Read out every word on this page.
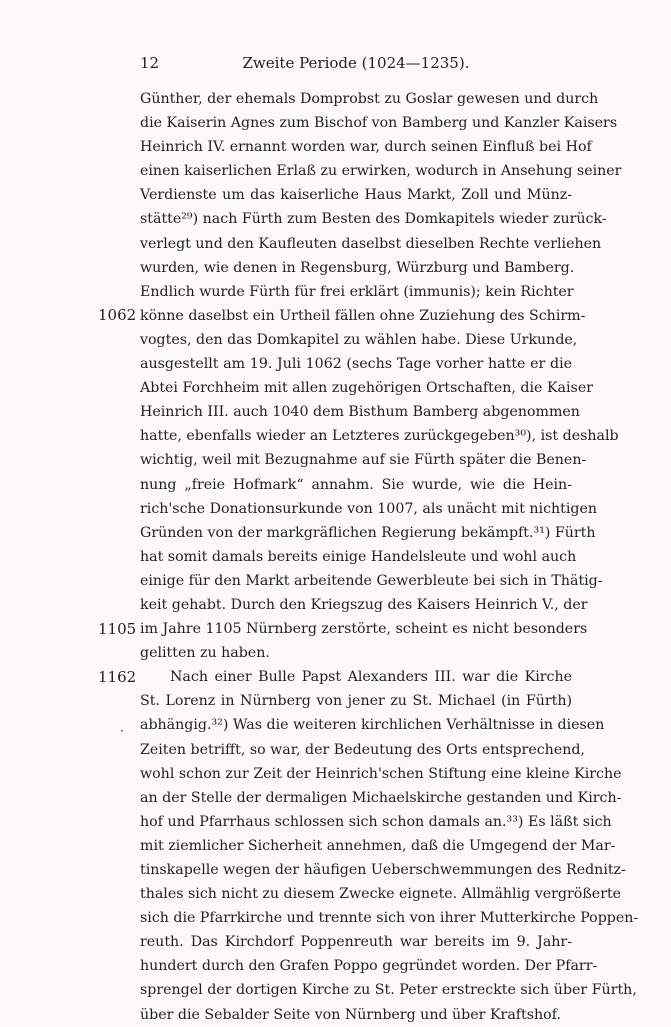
12	Zweite Periode (1024—1235).
1062
1105
1162
·
Günther, der ehemals Domprobst zu Goslar gewesen und durch
die Kaiserin Agnes zum Bischof von Bamberg und Kanzler Kaisers
Heinrich IV. ernannt worden war, durch seinen Einfluß bei Hof
einen kaiserlichen Erlaß zu erwirken, wodurch in Ansehung seiner
Verdienste um das kaiserliche Haus Markt, Zoll und Münz-
stätte²⁹) nach Fürth zum Besten des Domkapitels wieder zurück-
verlegt und den Kaufleuten daselbst dieselben Rechte verliehen
wurden, wie denen in Regensburg, Würzburg und Bamberg.
Endlich wurde Fürth für frei erklärt (immunis); kein Richter
könne daselbst ein Urtheil fällen ohne Zuziehung des Schirm-
vogtes, den das Domkapitel zu wählen habe. Diese Urkunde,
ausgestellt am 19. Juli 1062 (sechs Tage vorher hatte er die
Abtei Forchheim mit allen zugehörigen Ortschaften, die Kaiser
Heinrich III. auch 1040 dem Bisthum Bamberg abgenommen
hatte, ebenfalls wieder an Letzteres zurückgegeben³⁰), ist deshalb
wichtig, weil mit Bezugnahme auf sie Fürth später die Benen-
nung „freie Hofmark“ annahm. Sie wurde, wie die Hein-
rich'sche Donationsurkunde von 1007, als unächt mit nichtigen
Gründen von der markgräflichen Regierung bekämpft.³¹) Fürth
hat somit damals bereits einige Handelsleute und wohl auch
einige für den Markt arbeitende Gewerbleute bei sich in Thätig-
keit gehabt. Durch den Kriegszug des Kaisers Heinrich V., der
im Jahre 1105 Nürnberg zerstörte, scheint es nicht besonders
gelitten zu haben.
Nach einer Bulle Papst Alexanders III. war die Kirche
St. Lorenz in Nürnberg von jener zu St. Michael (in Fürth)
abhängig.³²) Was die weiteren kirchlichen Verhältnisse in diesen
Zeiten betrifft, so war, der Bedeutung des Orts entsprechend,
wohl schon zur Zeit der Heinrich'schen Stiftung eine kleine Kirche
an der Stelle der dermaligen Michaelskirche gestanden und Kirch-
hof und Pfarrhaus schlossen sich schon damals an.³³) Es läßt sich
mit ziemlicher Sicherheit annehmen, daß die Umgegend der Mar-
tinskapelle wegen der häufigen Ueberschwemmungen des Rednitz-
thales sich nicht zu diesem Zwecke eignete. Allmählig vergrößerte
sich die Pfarrkirche und trennte sich von ihrer Mutterkirche Poppen-
reuth. Das Kirchdorf Poppenreuth war bereits im 9. Jahr-
hundert durch den Grafen Poppo gegründet worden. Der Pfarr-
sprengel der dortigen Kirche zu St. Peter erstreckte sich über Fürth,
über die Sebalder Seite von Nürnberg und über Kraftshof.
